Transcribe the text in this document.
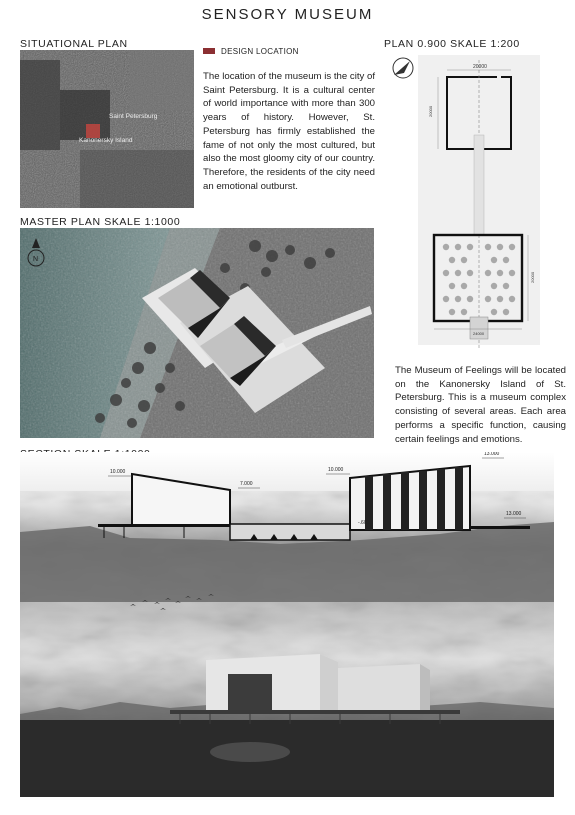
SENSORY MUSEUM
SITUATIONAL PLAN
Saint Petersburg
Kanonersky Island
DESIGN LOCATION
The location of the museum is the city of Saint Petersburg. It is a cultural center of world importance with more than 300 years of history. However, St. Petersburg has firmly established the fame of not only the most cultured, but also the most gloomy city of our country. Therefore, the residents of the city need an emotional outburst.
PLAN 0.900 SKALE 1:200
20000
20000
20000
24000
MASTER PLAN SKALE 1:1000
N
The Museum of Feelings will be located on the Kanonersky Island of St. Petersburg. This is a museum complex consisting of several areas. Each area performs a specific function, causing certain feelings and emotions.
10.000
7.000
10.000
13.000
13.000
-.600
